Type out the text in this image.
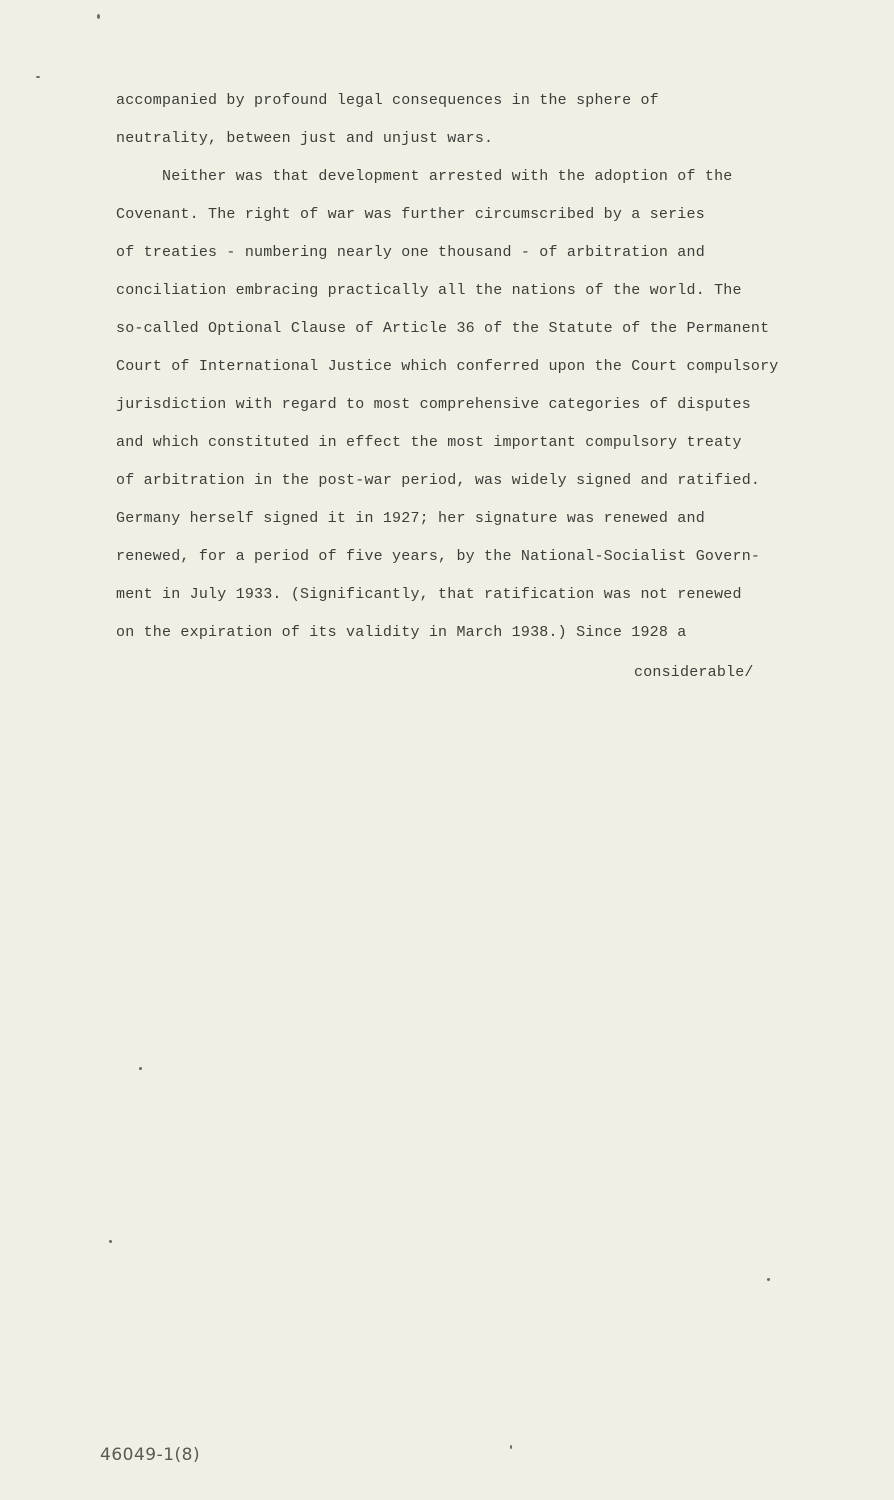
accompanied by profound legal consequences in the sphere of
neutrality, between just and unjust wars.
Neither was that development arrested with the adoption of the
Covenant. The right of war was further circumscribed by a series
of treaties - numbering nearly one thousand - of arbitration and
conciliation embracing practically all the nations of the world. The
so-called Optional Clause of Article 36 of the Statute of the Permanent
Court of International Justice which conferred upon the Court compulsory
jurisdiction with regard to most comprehensive categories of disputes
and which constituted in effect the most important compulsory treaty
of arbitration in the post-war period, was widely signed and ratified.
Germany herself signed it in 1927; her signature was renewed and
renewed, for a period of five years, by the National-Socialist Govern-
ment in July 1933. (Significantly, that ratification was not renewed
on the expiration of its validity in March 1938.) Since 1928 a
considerable/
46049-1(8)
